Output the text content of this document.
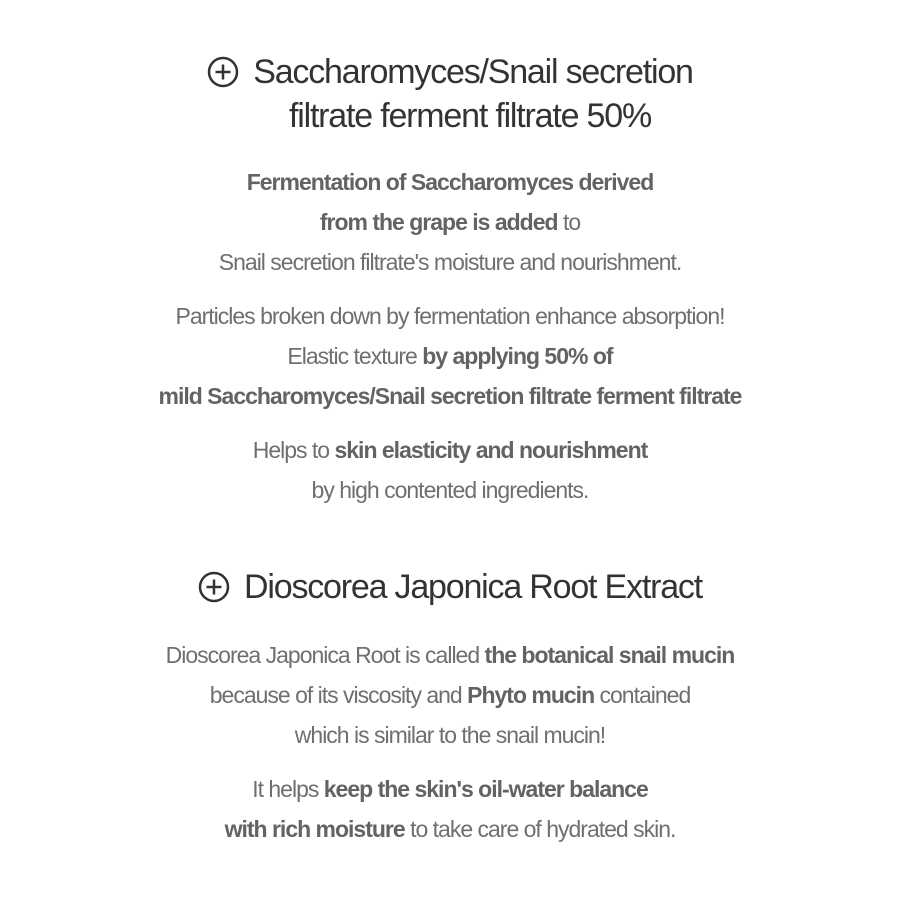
Saccharomyces/Snail secretion
filtrate ferment filtrate 50%
Fermentation of Saccharomyces derived
from the grape is added to
Snail secretion filtrate's moisture and nourishment.
Particles broken down by fermentation enhance absorption!
Elastic texture by applying 50% of
mild Saccharomyces/Snail secretion filtrate ferment filtrate
Helps to skin elasticity and nourishment
by high contented ingredients.
Dioscorea Japonica Root Extract
Dioscorea Japonica Root is called the botanical snail mucin
because of its viscosity and Phyto mucin contained
which is similar to the snail mucin!
It helps keep the skin's oil-water balance
with rich moisture to take care of hydrated skin.
